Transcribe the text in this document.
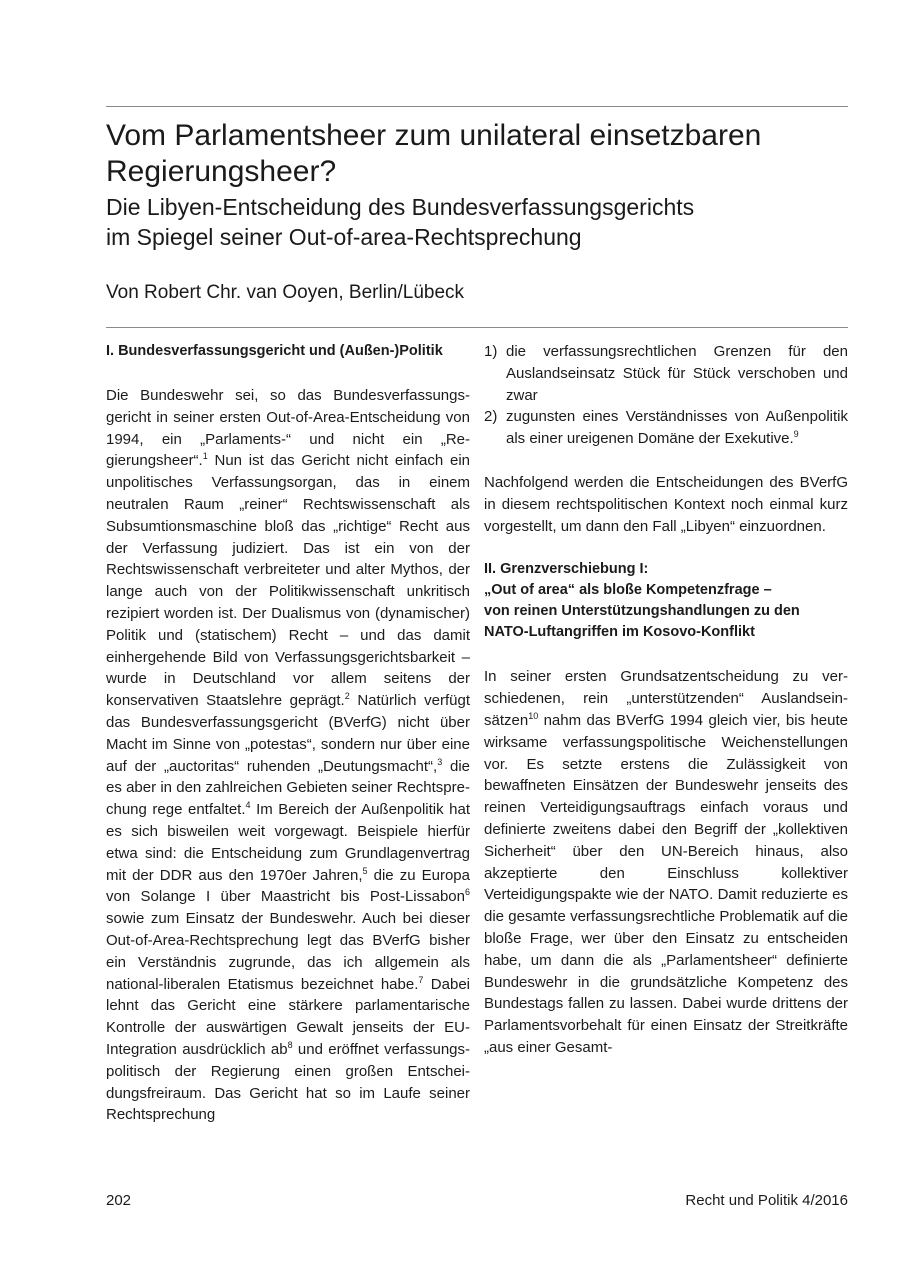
Vom Parlamentsheer zum unilateral einsetzbaren Regierungsheer?
Die Libyen-Entscheidung des Bundesverfassungsgerichts
im Spiegel seiner Out-of-area-Rechtsprechung
Von Robert Chr. van Ooyen, Berlin/Lübeck
I. Bundesverfassungsgericht und (Außen-)Politik

Die Bundeswehr sei, so das Bundesverfassungsgericht in seiner ersten Out-of-Area-Entscheidung von 1994, ein „Parlaments-“ und nicht ein „Regierungsheer“.$^1$ Nun ist das Gericht nicht einfach ein unpolitisches Verfassungsorgan, das in einem neutralen Raum „reiner“ Rechtswissenschaft als Subsumtionsmaschine bloß das „richtige“ Recht aus der Verfassung judiziert. Das ist ein von der Rechtswissenschaft verbreiteter und alter Mythos, der lange auch von der Politikwissenschaft unkritisch rezipiert worden ist. Der Dualismus von (dynamischer) Politik und (statischem) Recht – und das damit einhergehende Bild von Verfassungsgerichtsbarkeit – wurde in Deutschland vor allem seitens der konservativen Staatslehre geprägt.$^2$ Natürlich verfügt das Bundesverfassungsgericht (BVerfG) nicht über Macht im Sinne von „potestas“, sondern nur über eine auf der „auctoritas“ ruhenden „Deutungsmacht“,$^3$ die es aber in den zahlreichen Gebieten seiner Rechtsprechung rege entfaltet.$^4$ Im Bereich der Außenpolitik hat es sich bisweilen weit vorgewagt. Beispiele hierfür etwa sind: die Entscheidung zum Grundlagenvertrag mit der DDR aus den 1970er Jahren,$^5$ die zu Europa von Solange I über Maastricht bis Post-Lissabon$^6$ sowie zum Einsatz der Bundeswehr. Auch bei dieser Out-of-Area-Rechtsprechung legt das BVerfG bisher ein Verständnis zugrunde, das ich allgemein als national-liberalen Etatismus bezeichnet habe.$^7$ Dabei lehnt das Gericht eine stärkere parlamentarische Kontrolle der auswärtigen Gewalt jenseits der EU-Integration ausdrücklich $ab^8$ und eröffnet verfassungspolitisch der Regierung einen großen Entscheidungsfreiraum. Das Gericht hat so im Laufe seiner Rechtsprechung

1) die verfassungsrechtlichen Grenzen für den Auslandseinsatz Stück für Stück verschoben und zwar
2) zugunsten eines Verständnisses von Außenpolitik als einer ureigenen Domäne der Exekutive.$^9$

Nachfolgend werden die Entscheidungen des BVerfG in diesem rechtspolitischen Kontext noch einmal kurz vorgestellt, um dann den Fall „Libyen“ einzuordnen.

II. Grenzverschiebung I:
„Out of area“ als bloße Kompetenzfrage –
von reinen Unterstützungshandlungen zu den
NATO-Luftangriffen im Kosovo-Konflikt

In seiner ersten Grundsatzentscheidung zu verschiedenen, rein „unterstützenden“ Auslandseinsätzen$^{10}$ nahm das BVerfG 1994 gleich vier, bis heute wirksame verfassungspolitische Weichenstellungen vor. Es setzte erstens die Zulässigkeit von bewaffneten Einsätzen der Bundeswehr jenseits des reinen Verteidigungsauftrags einfach voraus und definierte zweitens dabei den Begriff der „kollektiven Sicherheit“ über den UN-Bereich hinaus, also akzeptierte den Einschluss kollektiver Verteidigungspakte wie der NATO. Damit reduzierte es die gesamte verfassungsrechtliche Problematik auf die bloße Frage, wer über den Einsatz zu entscheiden habe, um dann die als „Parlamentsheer“ definierte Bundeswehr in die grundsätzliche Kompetenz des Bundestags fallen zu lassen. Dabei wurde drittens der Parlamentsvorbehalt für einen Einsatz der Streitkräfte „aus einer Gesamt-

202	Recht und Politik 4/2016
